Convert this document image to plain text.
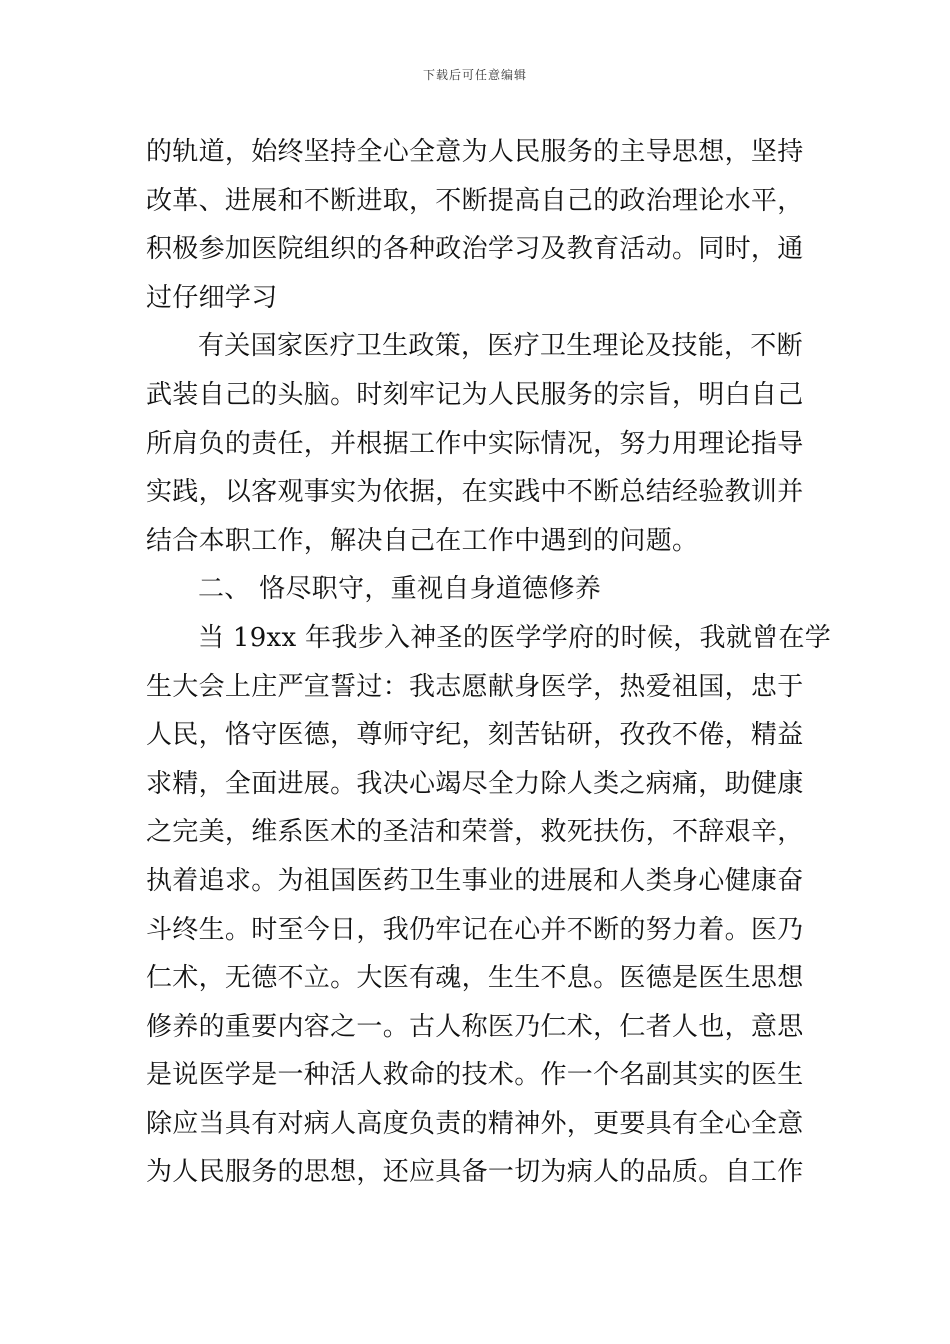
下载后可任意编辑
的轨道，始终坚持全心全意为人民服务的主导思想，坚持
改革、进展和不断进取，不断提高自己的政治理论水平，
积极参加医院组织的各种政治学习及教育活动。同时，通
过仔细学习
有关国家医疗卫生政策，医疗卫生理论及技能，不断
武装自己的头脑。时刻牢记为人民服务的宗旨，明白自己
所肩负的责任，并根据工作中实际情况，努力用理论指导
实践，以客观事实为依据，在实践中不断总结经验教训并
结合本职工作，解决自己在工作中遇到的问题。
二、 恪尽职守，重视自身道德修养
当 19xx 年我步入神圣的医学学府的时候，我就曾在学
生大会上庄严宣誓过：我志愿献身医学，热爱祖国，忠于
人民，恪守医德，尊师守纪，刻苦钻研，孜孜不倦，精益
求精，全面进展。我决心竭尽全力除人类之病痛，助健康
之完美，维系医术的圣洁和荣誉，救死扶伤，不辞艰辛，
执着追求。为祖国医药卫生事业的进展和人类身心健康奋
斗终生。时至今日，我仍牢记在心并不断的努力着。医乃
仁术，无德不立。大医有魂，生生不息。医德是医生思想
修养的重要内容之一。古人称医乃仁术，仁者人也，意思
是说医学是一种活人救命的技术。作一个名副其实的医生
除应当具有对病人高度负责的精神外，更要具有全心全意
为人民服务的思想，还应具备一切为病人的品质。自工作
